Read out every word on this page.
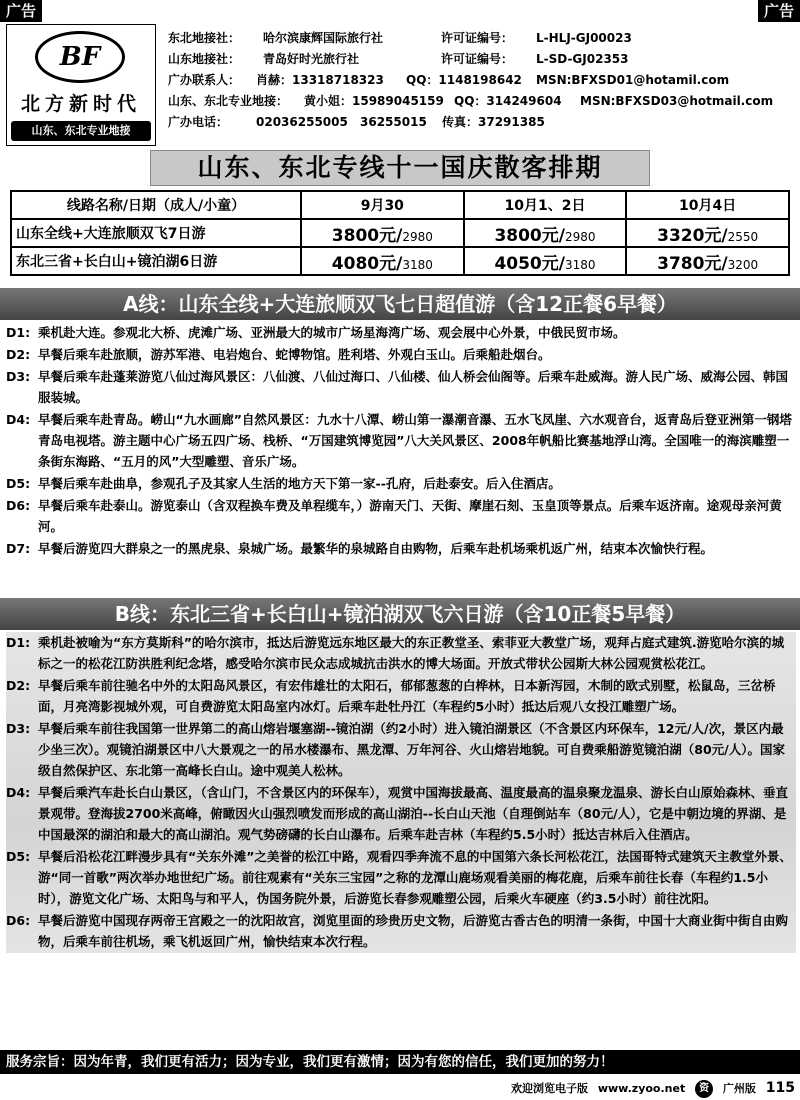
广告	广告
BF
北方新时代
山东、东北专业地接
东北地接社： 哈尔滨康辉国际旅行社	许可证编号： L-HLJ-GJ00023
山东地接社： 青岛好时光旅行社	许可证编号： L-SD-GJ02353
广办联系人： 肖赫：13318718323 QQ：1148198642 MSN:BFXSD01@hotamil.com
山东、东北专业地接： 黄小姐：15989045159 QQ：314249604 MSN:BFXSD03@hotmail.com
广办电话： 02036255005 36255015 传真：37291385
山东、东北专线十一国庆散客排期
线路名称/日期（成人/小童）	9月30	10月1、2日	10月4日
山东全线+大连旅顺双飞7日游	3800元/2980	3800元/2980	3320元/2550
东北三省+长白山+镜泊湖6日游	4080元/3180	4050元/3180	3780元/3200
A线：山东全线+大连旅顺双飞七日超值游（含12正餐6早餐）
D1: 乘机赴大连。参观北大桥、虎滩广场、亚洲最大的城市广场星海湾广场、观会展中心外景，中俄民贸市场。
D2: 早餐后乘车赴旅顺，游苏军港、电岩炮台、蛇博物馆。胜利塔、外观白玉山。后乘船赴烟台。
D3: 早餐后乘车赴蓬莱游览八仙过海风景区：八仙渡、八仙过海口、八仙楼、仙人桥会仙阁等。后乘车赴威海。游人民广场、威海公园、韩国服装城。
D4: 早餐后乘车赴青岛。崂山“九水画廊”自然风景区：九水十八潭、崂山第一瀑潮音瀑、五水飞凤崖、六水观音台，返青岛后登亚洲第一钢塔青岛电视塔。游主题中心广场五四广场、栈桥、“万国建筑博览园”八大关风景区、2008年帆船比赛基地浮山湾。全国唯一的海滨雕塑一条街东海路、“五月的风”大型雕塑、音乐广场。
D5: 早餐后乘车赴曲阜，参观孔子及其家人生活的地方天下第一家--孔府，后赴泰安。后入住酒店。
D6: 早餐后乘车赴泰山。游览泰山（含双程换车费及单程缆车，）游南天门、天街、摩崖石刻、玉皇顶等景点。后乘车返济南。途观母亲河黄河。
D7: 早餐后游览四大群泉之一的黑虎泉、泉城广场。最繁华的泉城路自由购物，后乘车赴机场乘机返广州，结束本次愉快行程。
B线：东北三省+长白山+镜泊湖双飞六日游（含10正餐5早餐）
D1: 乘机赴被喻为“东方莫斯科”的哈尔滨市，抵达后游览远东地区最大的东正教堂圣、索菲亚大教堂广场，观拜占庭式建筑.游览哈尔滨的城标之一的松花江防洪胜利纪念塔，感受哈尔滨市民众志成城抗击洪水的博大场面。开放式带状公园斯大林公园观赏松花江。
D2: 早餐后乘车前往驰名中外的太阳岛风景区，有宏伟雄壮的太阳石，郁郁葱葱的白桦林，日本新泻园，木制的欧式别墅，松鼠岛，三岔桥面，月亮湾影视城外观，可自费游览太阳岛室内冰灯。后乘车赴牡丹江（车程约5小时）抵达后观八女投江雕塑广场。
D3: 早餐后乘车前往我国第一世界第二的高山熔岩堰塞湖--镜泊湖（约2小时）进入镜泊湖景区（不含景区内环保车，12元/人/次，景区内最少坐三次）。观镜泊湖景区中八大景观之一的吊水楼瀑布、黑龙潭、万年河谷、火山熔岩地貌。可自费乘船游览镜泊湖（80元/人）。国家级自然保护区、东北第一高峰长白山。途中观美人松林。
D4: 早餐后乘汽车赴长白山景区，（含山门，不含景区内的环保车），观赏中国海拔最高、温度最高的温泉聚龙温泉、游长白山原始森林、垂直景观带。登海拔2700米高峰，俯瞰因火山强烈喷发而形成的高山湖泊--长白山天池（自理倒站车（80元/人），它是中朝边境的界湖、是中国最深的湖泊和最大的高山湖泊。观气势磅礴的长白山瀑布。后乘车赴吉林（车程约5.5小时）抵达吉林后入住酒店。
D5: 早餐后沿松花江畔漫步具有“关东外滩”之美誉的松江中路，观看四季奔流不息的中国第六条长河松花江，法国哥特式建筑天主教堂外景、游“同一首歌”两次举办地世纪广场。前往观素有“关东三宝园”之称的龙潭山鹿场观看美丽的梅花鹿，后乘车前往长春（车程约1.5小时），游览文化广场、太阳鸟与和平人，伪国务院外景，后游览长春参观雕塑公园，后乘火车硬座（约3.5小时）前往沈阳。
D6: 早餐后游览中国现存两帝王宫殿之一的沈阳故宫，浏览里面的珍贵历史文物，后游览古香古色的明清一条街，中国十大商业街中街自由购物，后乘车前往机场，乘飞机返回广州，愉快结束本次行程。
服务宗旨：因为年青，我们更有活力；因为专业，我们更有激情；因为有您的信任，我们更加的努力！
欢迎浏览电子版 www.zyoo.net 资 广州版 115
